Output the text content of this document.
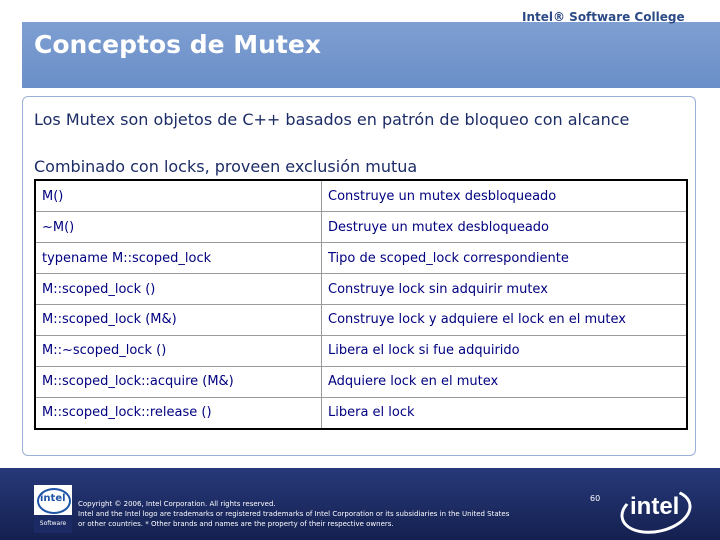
Intel® Software College
Conceptos de Mutex
Los Mutex son objetos de C++ basados en patrón de bloqueo con alcance
Combinado con locks, proveen exclusión mutua
M()	Construye un mutex desbloqueado
~M()	Destruye un mutex desbloqueado
typename M::scoped_lock	Tipo de scoped_lock correspondiente
M::scoped_lock ()	Construye lock sin adquirir mutex
M::scoped_lock (M&)	Construye lock y adquiere el lock en el mutex
M::~scoped_lock ()	Libera el lock si fue adquirido
M::scoped_lock::acquire (M&)	Adquiere lock en el mutex
M::scoped_lock::release ()	Libera el lock
intel
Software
Copyright © 2006, Intel Corporation. All rights reserved.
Intel and the Intel logo are trademarks or registered trademarks of Intel Corporation or its subsidiaries in the United States
or other countries. * Other brands and names are the property of their respective owners.
60 intel
